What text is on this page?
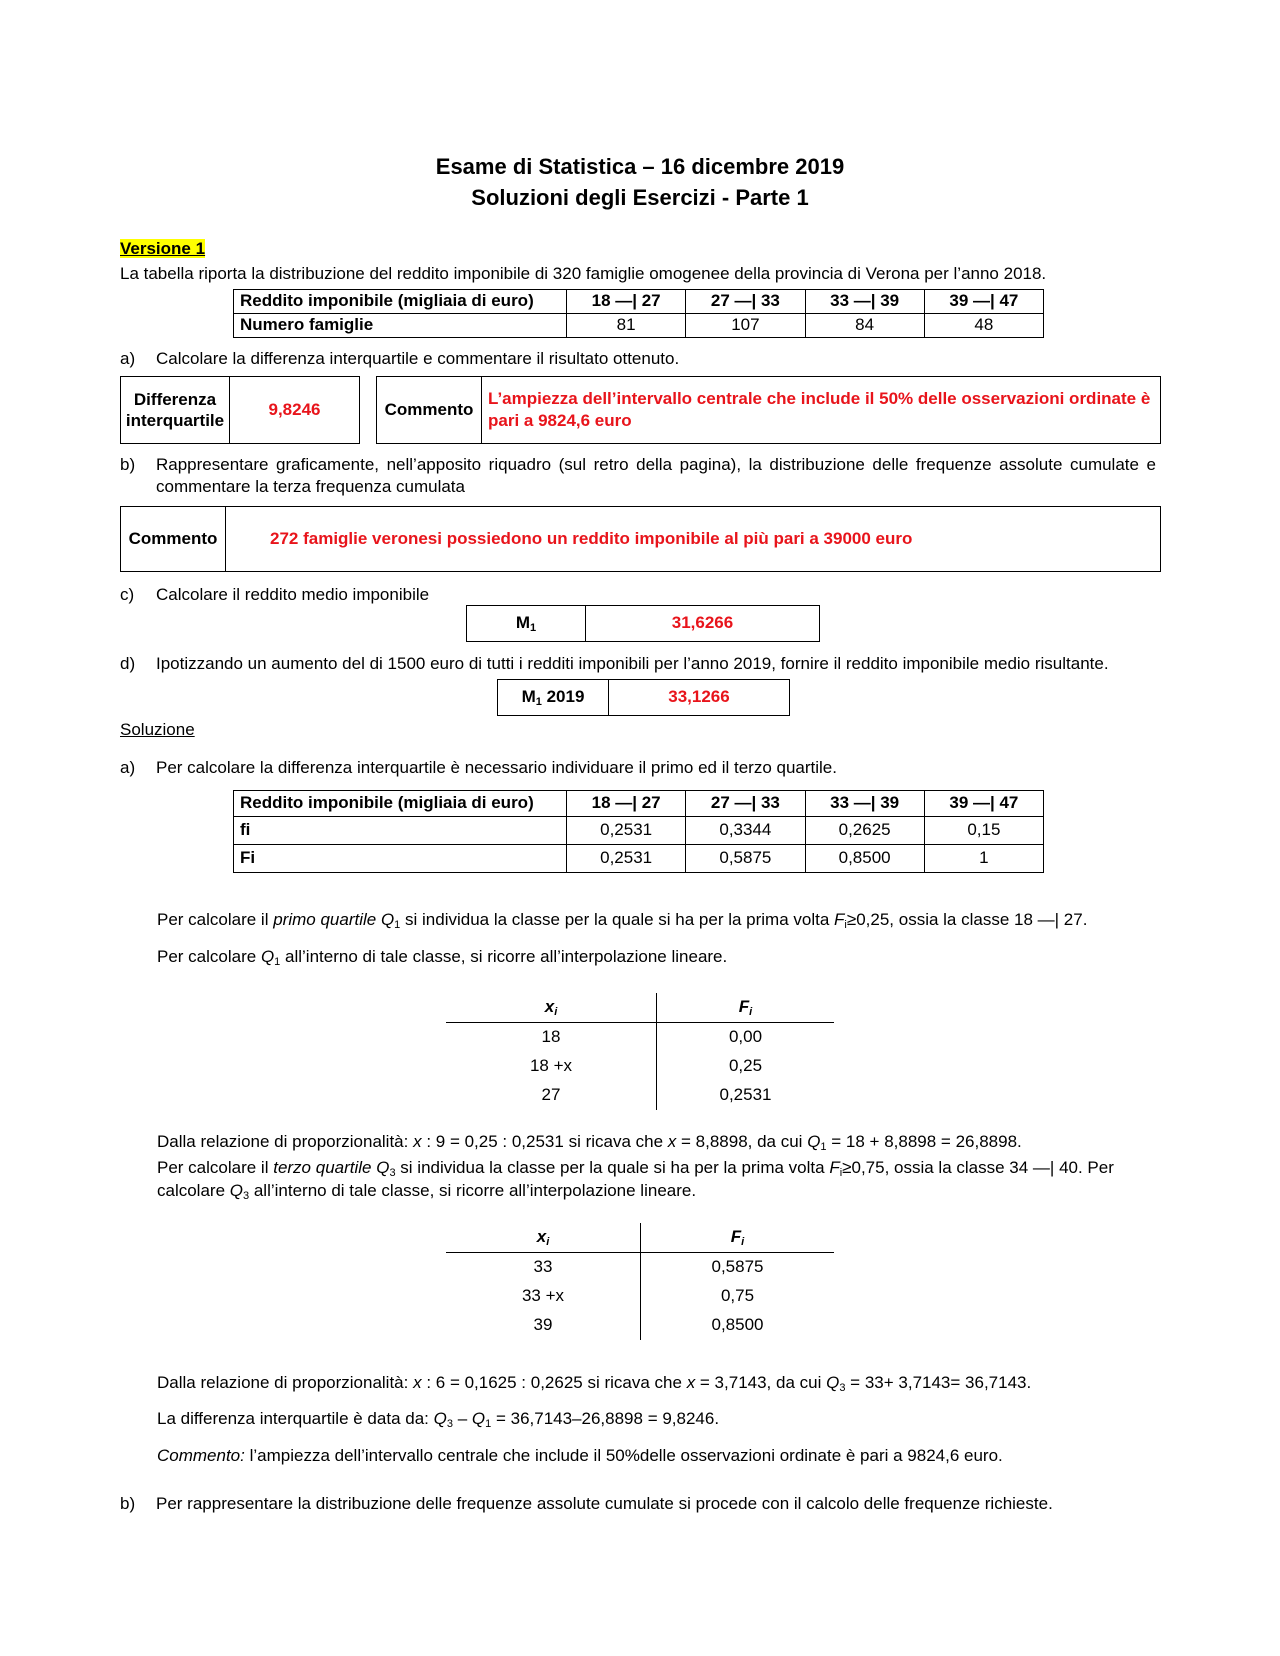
Esame di Statistica – 16 dicembre 2019
Soluzioni degli Esercizi - Parte 1
Versione 1
La tabella riporta la distribuzione del reddito imponibile di 320 famiglie omogenee della provincia di Verona per l’anno 2018.
Reddito imponibile (migliaia di euro)	18 —| 27	27 —| 33	33 —| 39	39 —| 47
Numero famiglie	81	107	84	48
a) Calcolare la differenza interquartile e commentare il risultato ottenuto.
Differenza
interquartile	9,8246	Commento	L’ampiezza dell’intervallo centrale che include il 50% delle osservazioni ordinate è
pari a 9824,6 euro
b) Rappresentare graficamente, nell’apposito riquadro (sul retro della pagina), la distribuzione delle frequenze assolute cumulate e
commentare la terza frequenza cumulata
Commento	272 famiglie veronesi possiedono un reddito imponibile al più pari a 39000 euro
c) Calcolare il reddito medio imponibile
$M_1$	31,6266
d) Ipotizzando un aumento del di 1500 euro di tutti i redditi imponibili per l’anno 2019, fornire il reddito imponibile medio risultante.
$M_1$ 2019	33,1266
Soluzione
a) Per calcolare la differenza interquartile è necessario individuare il primo ed il terzo quartile.
Reddito imponibile (migliaia di euro)	18 —| 27	27 —| 33	33 —| 39	39 —| 47
fi	0,2531	0,3344	0,2625	0,15
Fi	0,2531	0,5875	0,8500	1
Per calcolare il primo quartile $Q_1$ si individua la classe per la quale si ha per la prima volta $F_i\ge 0,25$, ossia la classe 18 —| 27.
Per calcolare $Q_1$ all’interno di tale classe, si ricorre all’interpolazione lineare.
$x_i$	$F_i$
18	0,00
18 +x	0,25
27	0,2531
Dalla relazione di proporzionalità: x : 9 = 0,25 : 0,2531 si ricava che x = 8,8898, da cui $Q_1 = 18 + 8,8898 = 26,8898$.
Per calcolare il terzo quartile $Q_3$ si individua la classe per la quale si ha per la prima volta $F_i\ge 0,75$, ossia la classe 34 —| 40. Per
calcolare $Q_3$ all’interno di tale classe, si ricorre all’interpolazione lineare.
$x_i$	$F_i$
33	0,5875
33 +x	0,75
39	0,8500
Dalla relazione di proporzionalità: x : 6 = 0,1625 : 0,2625 si ricava che x = 3,7143, da cui $Q_3 = 33+ 3,7143= 36,7143$.
La differenza interquartile è data da: $Q_3 - Q_1 = 36,7143-26,8898 = 9,8246$.
Commento: l’ampiezza dell’intervallo centrale che include il 50%delle osservazioni ordinate è pari a 9824,6 euro.
b) Per rappresentare la distribuzione delle frequenze assolute cumulate si procede con il calcolo delle frequenze richieste.
